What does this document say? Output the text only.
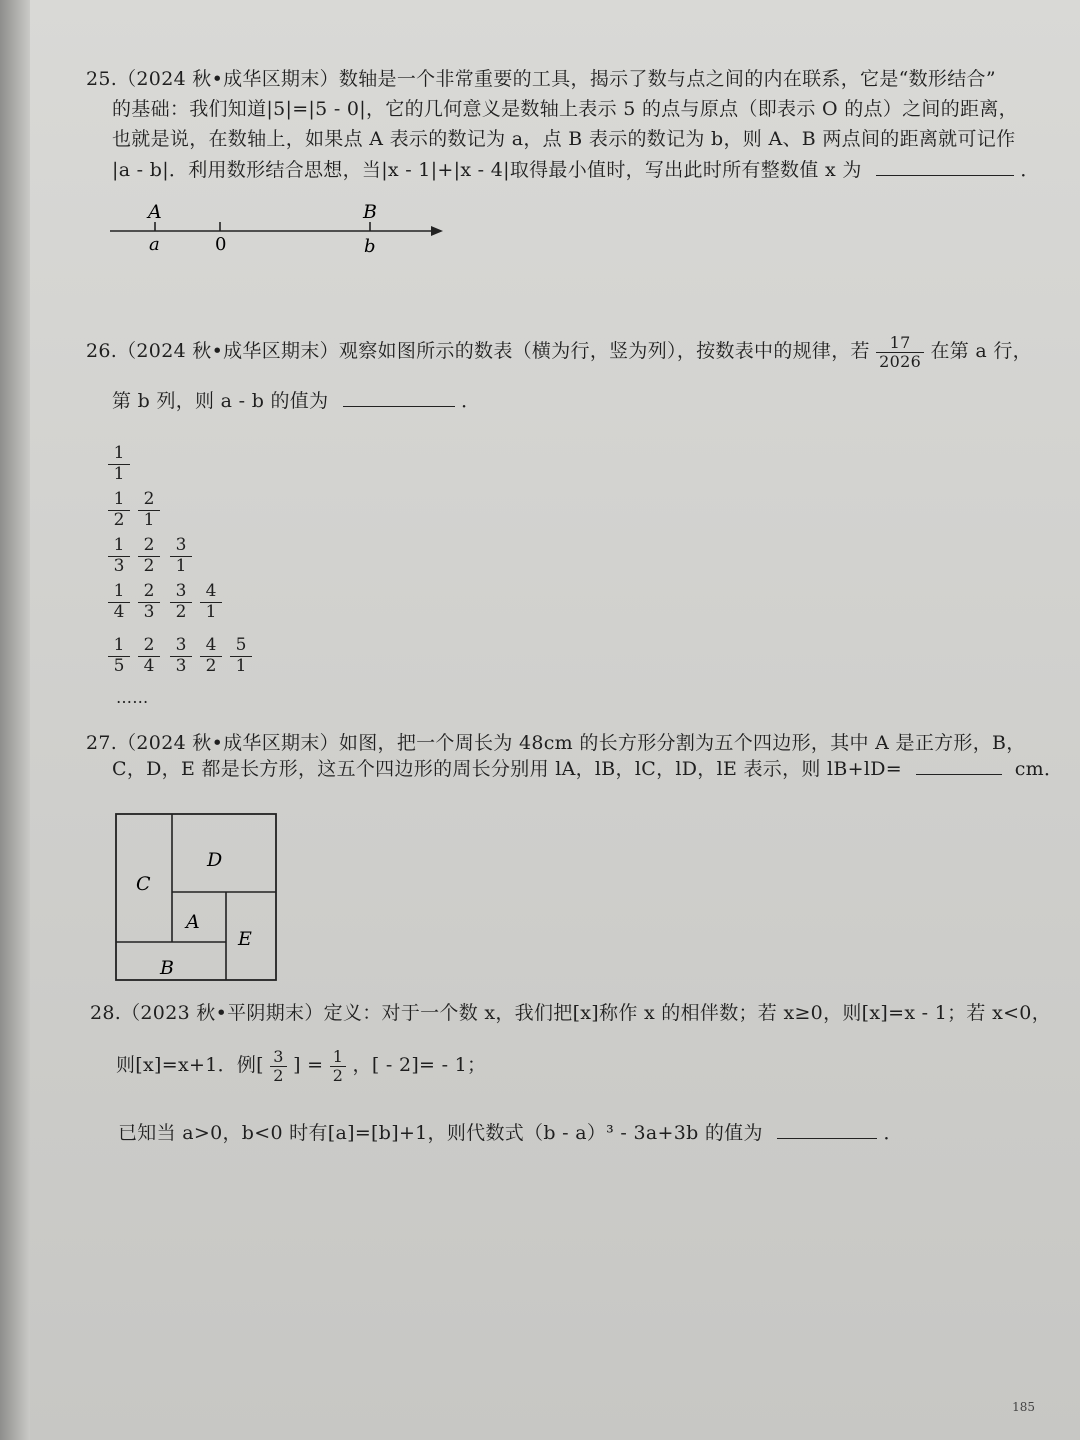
25.（2024 秋•成华区期末）数轴是一个非常重要的工具，揭示了数与点之间的内在联系，它是“数形结合”
的基础：我们知道|5|=|5 - 0|，它的几何意义是数轴上表示 5 的点与原点（即表示 O 的点）之间的距离，
也就是说，在数轴上，如果点 A 表示的数记为 a，点 B 表示的数记为 b，则 A、B 两点间的距离就可记作
|a - b|．利用数形结合思想，当|x - 1|+|x - 4|取得最小值时，写出此时所有整数值 x 为	．
A	B
a	0	b
26.（2024 秋•成华区期末）观察如图所示的数表（横为行，竖为列），按数表中的规律，若 $\frac{17}{2026}$ 在第 a 行，
第 b 列，则 a - b 的值为	．
$\frac{1}{1}$
$\frac{1}{2} \frac{2}{1}$
$\frac{1}{3} \frac{2}{2} \frac{3}{1}$
$\frac{1}{4} \frac{2}{3} \frac{3}{2} \frac{4}{1}$
$\frac{1}{5} \frac{2}{4} \frac{3}{3} \frac{4}{2} \frac{5}{1}$
……
27.（2024 秋•成华区期末）如图，把一个周长为 48cm 的长方形分割为五个四边形，其中 A 是正方形，B，
C，D，E 都是长方形，这五个四边形的周长分别用 lA，lB，lC，lD，lE 表示，则 lB+lD=	cm．
C
D
A
E
B
28.（2023 秋•平阴期末）定义：对于一个数 x，我们把[x]称作 x 的相伴数；若 x≥0，则[x]=x - 1；若 x<0，
则[x]=x+1．例[ $\frac{3}{2}$ ] = $\frac{1}{2}$ ，[ - 2]= - 1；
已知当 a>0，b<0 时有[a]=[b]+1，则代数式（b - a）³ - 3a+3b 的值为	．
185
